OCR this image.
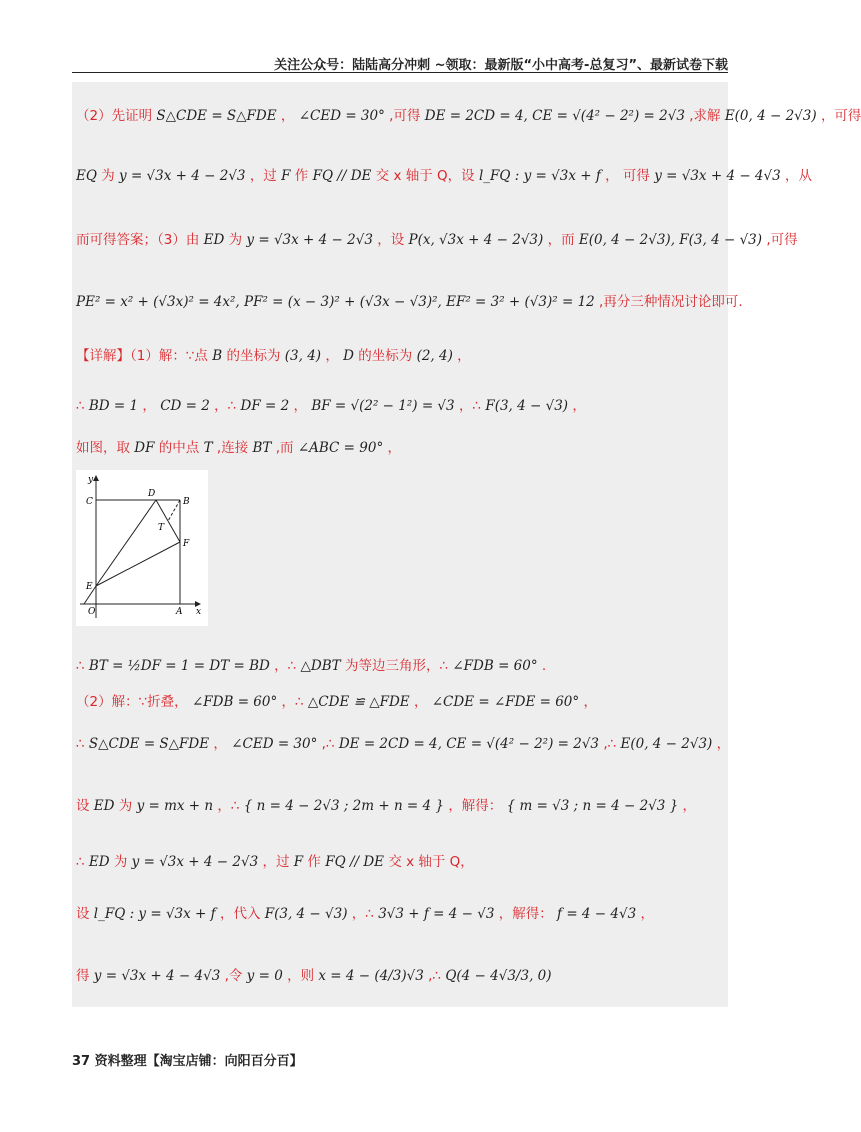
关注公众号：陆陆高分冲刺 ~领取：最新版“小中高考-总复习”、最新试卷下载
（2）先证明 S△CDE = S△FDE ， ∠CED = 30° ,可得 DE = 2CD = 4, CE = √(4² − 2²) = 2√3 ,求解 E(0, 4 − 2√3) ，可得
EQ 为 y = √3x + 4 − 2√3 ，过 F 作 FQ // DE 交 x 轴于 Q，设 l_FQ : y = √3x + f ， 可得 y = √3x + 4 − 4√3 ，从
而可得答案；（3）由 ED 为 y = √3x + 4 − 2√3 ，设 P(x, √3x + 4 − 2√3) ，而 E(0, 4 − 2√3), F(3, 4 − √3) ,可得
PE² = x² + (√3x)² = 4x², PF² = (x − 3)² + (√3x − √3)², EF² = 3² + (√3)² = 12 ,再分三种情况讨论即可.
【详解】（1）解：∵点 B 的坐标为 (3, 4) ， D 的坐标为 (2, 4) ，
∴ BD = 1 ， CD = 2 ，∴ DF = 2 ， BF = √(2² − 1²) = √3 ，∴ F(3, 4 − √3) ，
如图，取 DF 的中点 T ,连接 BT ,而 ∠ABC = 90° ，
y
x
C
D
B
T
F
E
O	A
∴ BT = ½DF = 1 = DT = BD ，∴ △DBT 为等边三角形，∴ ∠FDB = 60° .
（2）解：∵折叠， ∠FDB = 60° ，∴ △CDE ≌ △FDE ， ∠CDE = ∠FDE = 60° ，
∴ S△CDE = S△FDE ， ∠CED = 30° ,∴ DE = 2CD = 4, CE = √(4² − 2²) = 2√3 ,∴ E(0, 4 − 2√3) ，
设 ED 为 y = mx + n ，∴ { n = 4 − 2√3 ; 2m + n = 4 } ，解得： { m = √3 ; n = 4 − 2√3 } ，
∴ ED 为 y = √3x + 4 − 2√3 ，过 F 作 FQ // DE 交 x 轴于 Q，
设 l_FQ : y = √3x + f ，代入 F(3, 4 − √3) ，∴ 3√3 + f = 4 − √3 ，解得： f = 4 − 4√3 ，
得 y = √3x + 4 − 4√3 ,令 y = 0 ，则 x = 4 − (4/3)√3 ,∴ Q(4 − 4√3/3, 0)
37 资料整理【淘宝店铺：向阳百分百】
